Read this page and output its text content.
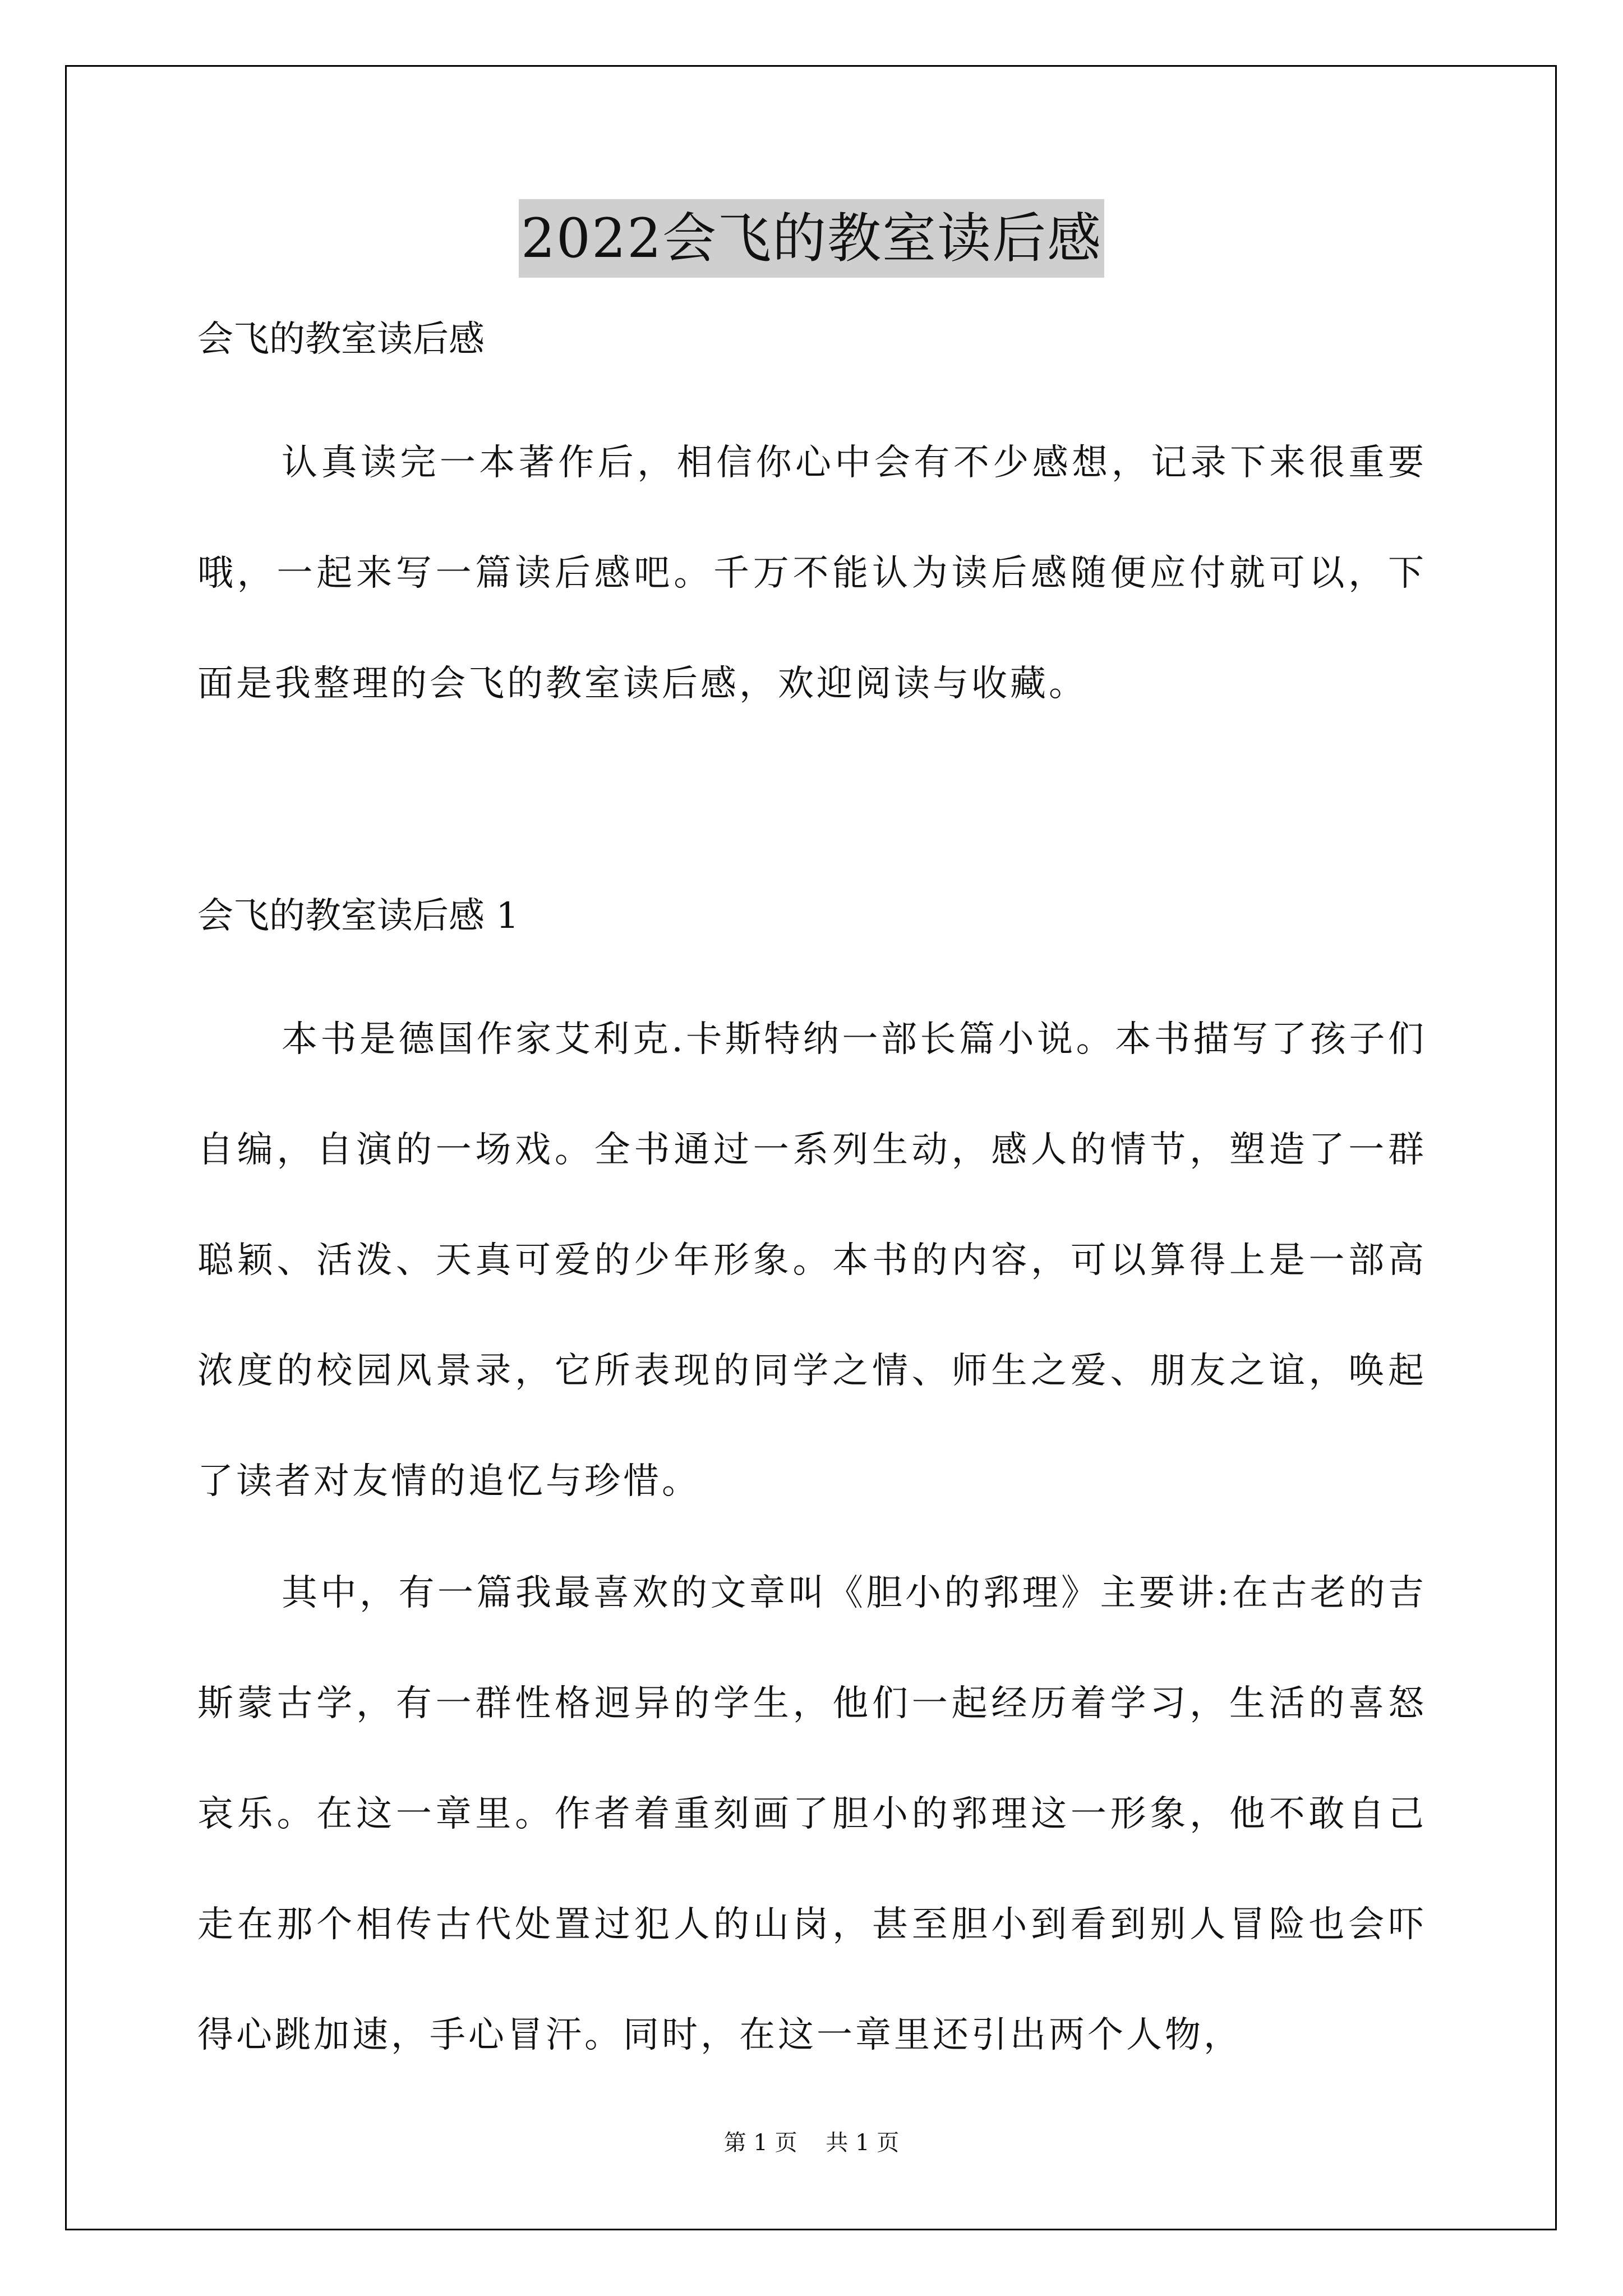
2022会飞的教室读后感

会飞的教室读后感

认真读完一本著作后，相信你心中会有不少感想，记录下来很重要哦，一起来写一篇读后感吧。千万不能认为读后感随便应付就可以，下面是我整理的会飞的教室读后感，欢迎阅读与收藏。

会飞的教室读后感 1

本书是德国作家艾利克.卡斯特纳一部长篇小说。本书描写了孩子们自编，自演的一场戏。全书通过一系列生动，感人的情节，塑造了一群聪颖、活泼、天真可爱的少年形象。本书的内容，可以算得上是一部高浓度的校园风景录，它所表现的同学之情、师生之爱、朋友之谊，唤起了读者对友情的追忆与珍惜。

其中，有一篇我最喜欢的文章叫《胆小的郛理》主要讲:在古老的吉斯蒙古学，有一群性格迥异的学生，他们一起经历着学习，生活的喜怒哀乐。在这一章里。作者着重刻画了胆小的郛理这一形象，他不敢自己走在那个相传古代处置过犯人的山岗，甚至胆小到看到别人冒险也会吓得心跳加速，手心冒汗。同时，在这一章里还引出两个人物，

第 1 页    共 1 页
